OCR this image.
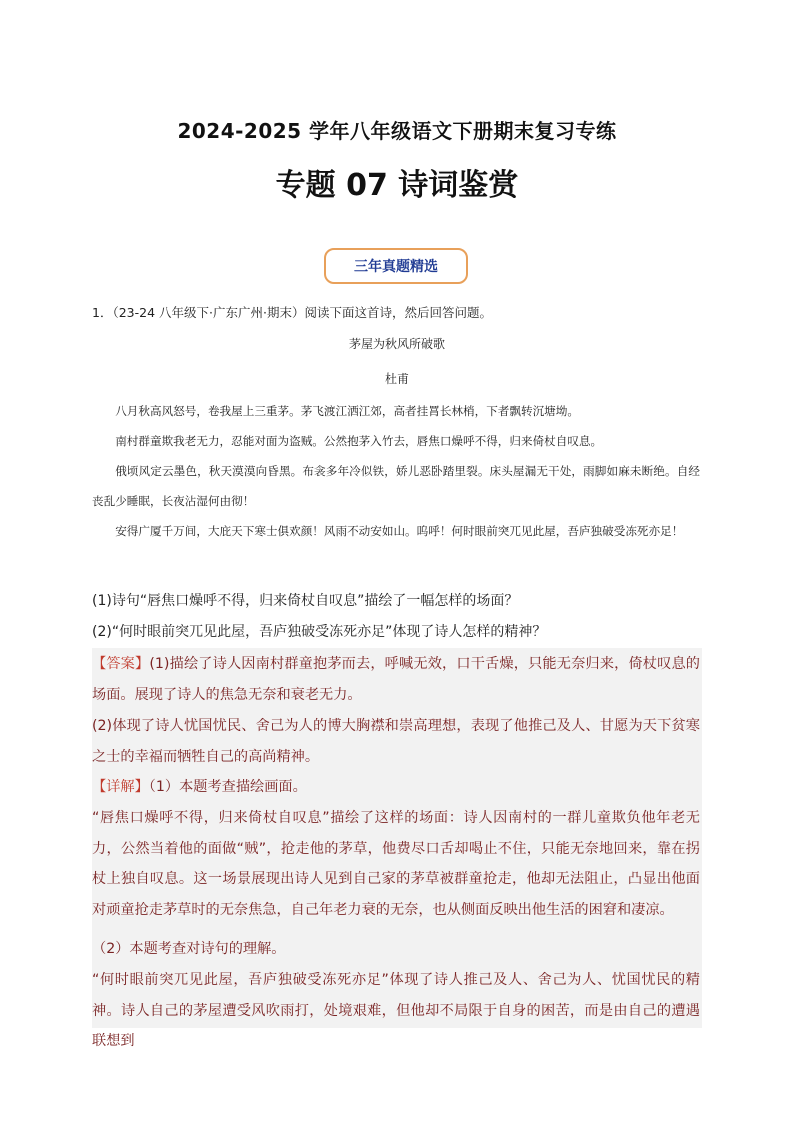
2024-2025 学年八年级语文下册期末复习专练
专题 07 诗词鉴赏
三年真题精选
1．（23-24 八年级下·广东广州·期末）阅读下面这首诗，然后回答问题。
茅屋为秋风所破歌
杜甫

八月秋高风怒号，卷我屋上三重茅。茅飞渡江洒江郊，高者挂罥长林梢，下者飘转沉塘坳。

南村群童欺我老无力，忍能对面为盗贼。公然抱茅入竹去，唇焦口燥呼不得，归来倚杖自叹息。

俄顷风定云墨色，秋天漠漠向昏黑。布衾多年冷似铁，娇儿恶卧踏里裂。床头屋漏无干处，雨脚如麻未断绝。自经丧乱少睡眠，长夜沾湿何由彻！

安得广厦千万间，大庇天下寒士俱欢颜！风雨不动安如山。呜呼！何时眼前突兀见此屋，吾庐独破受冻死亦足！

(1)诗句“唇焦口燥呼不得，归来倚杖自叹息”描绘了一幅怎样的场面？
(2)“何时眼前突兀见此屋，吾庐独破受冻死亦足”体现了诗人怎样的精神？

【答案】(1)描绘了诗人因南村群童抱茅而去，呼喊无效，口干舌燥，只能无奈归来，倚杖叹息的场面。展现了诗人的焦急无奈和衰老无力。

(2)体现了诗人忧国忧民、舍己为人的博大胸襟和崇高理想，表现了他推己及人、甘愿为天下贫寒之士的幸福而牺牲自己的高尚精神。

【详解】（1）本题考查描绘画面。

“唇焦口燥呼不得，归来倚杖自叹息”描绘了这样的场面：诗人因南村的一群儿童欺负他年老无力，公然当着他的面做“贼”，抢走他的茅草，他费尽口舌却喝止不住，只能无奈地回来，靠在拐杖上独自叹息。这一场景展现出诗人见到自己家的茅草被群童抢走，他却无法阻止，凸显出他面对顽童抢走茅草时的无奈焦急，自己年老力衰的无奈，也从侧面反映出他生活的困窘和凄凉。

（2）本题考查对诗句的理解。

“何时眼前突兀见此屋，吾庐独破受冻死亦足”体现了诗人推己及人、舍己为人、忧国忧民的精神。诗人自己的茅屋遭受风吹雨打，处境艰难，但他却不局限于自身的困苦，而是由自己的遭遇联想到
